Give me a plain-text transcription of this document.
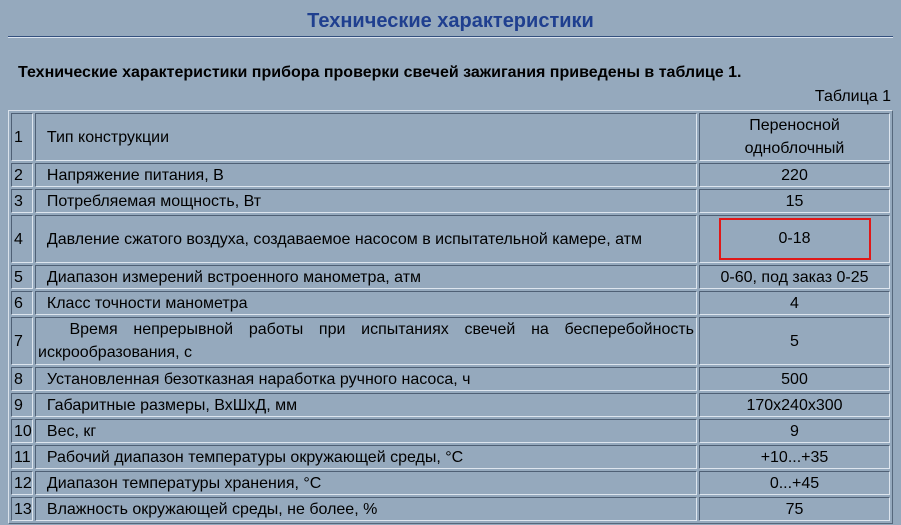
Технические характеристики
Технические характеристики прибора проверки свечей зажигания приведены в таблице 1.
Таблица 1
1	Тип конструкции	Переносной одноблочный
2	Напряжение питания, В	220
3	Потребляемая мощность, Вт	15
4	Давление сжатого воздуха, создаваемое насосом в испытательной камере, атм	0-18
5	Диапазон измерений встроенного манометра, атм	0-60, под заказ 0-25
6	Класс точности манометра	4
7	Время непрерывной работы при испытаниях свечей на бесперебойность искрообразования, с	5
8	Установленная безотказная наработка ручного насоса, ч	500
9	Габаритные размеры, ВхШхД, мм	170х240х300
10	Вес, кг	9
11	Рабочий диапазон температуры окружающей среды, °С	+10...+35
12	Диапазон температуры хранения, °С	0...+45
13	Влажность окружающей среды, не более, %	75
